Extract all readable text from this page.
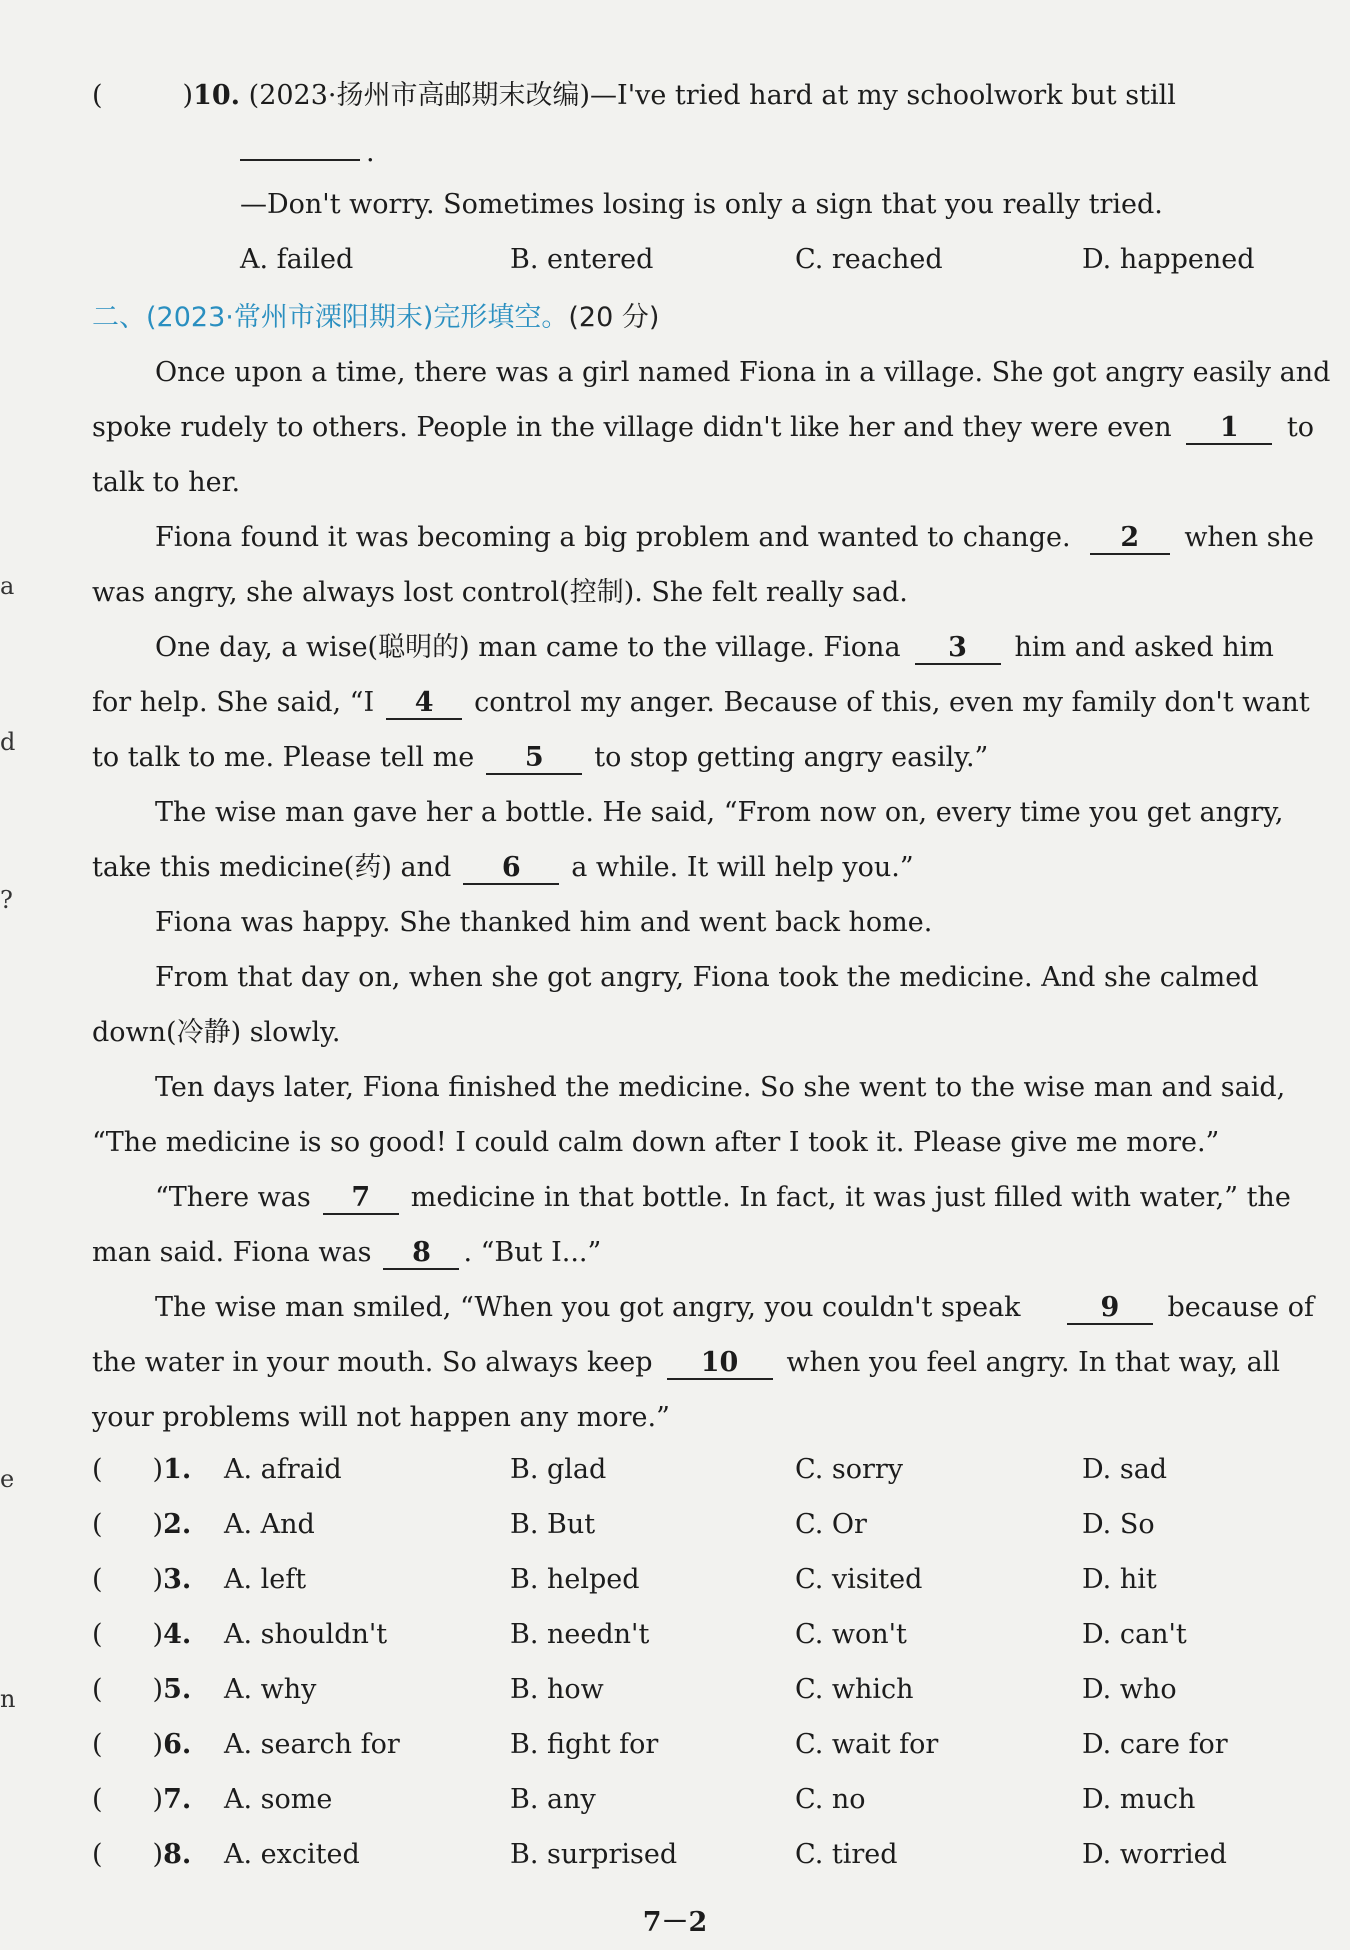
a
d
?
e
n
(	)10. (2023·扬州市高邮期末改编)—I've tried hard at my schoolwork but still
.
—Don't worry. Sometimes losing is only a sign that you really tried.
A. failed	B. entered	C. reached	D. happened
二、(2023·常州市溧阳期末)完形填空。(20 分)
Once upon a time, there was a girl named Fiona in a village. She got angry easily and
spoke rudely to others. People in the village didn't like her and they were even	1 to
talk to her.
Fiona found it was becoming a big problem and wanted to change.	2 when she
was angry, she always lost control(控制). She felt really sad.
One day, a wise(聪明的) man came to the village. Fiona 3 him and asked him
for help. She said, “I 4 control my anger. Because of this, even my family don't want
to talk to me. Please tell me 5 to stop getting angry easily.”
The wise man gave her a bottle. He said, “From now on, every time you get angry,
take this medicine(药) and 6 a while. It will help you.”
Fiona was happy. She thanked him and went back home.
From that day on, when she got angry, Fiona took the medicine. And she calmed
down(冷静) slowly.
Ten days later, Fiona finished the medicine. So she went to the wise man and said,
“The medicine is so good! I could calm down after I took it. Please give me more.”
“There was 7 medicine in that bottle. In fact, it was just filled with water,” the
man said. Fiona was 8 . “But I...”
The wise man smiled, “When you got angry, you couldn't speak	9 because of
the water in your mouth. So always keep 10 when you feel angry. In that way, all
your problems will not happen any more.”
( )1. A. afraid	B. glad	C. sorry	D. sad
( )2. A. And	B. But	C. Or	D. So
( )3. A. left	B. helped	C. visited	D. hit
( )4. A. shouldn't	B. needn't	C. won't	D. can't
( )5. A. why	B. how	C. which	D. who
( )6. A. search for	B. fight for	C. wait for	D. care for
( )7. A. some	B. any	C. no	D. much
( )8. A. excited	B. surprised	C. tired	D. worried
7－2
